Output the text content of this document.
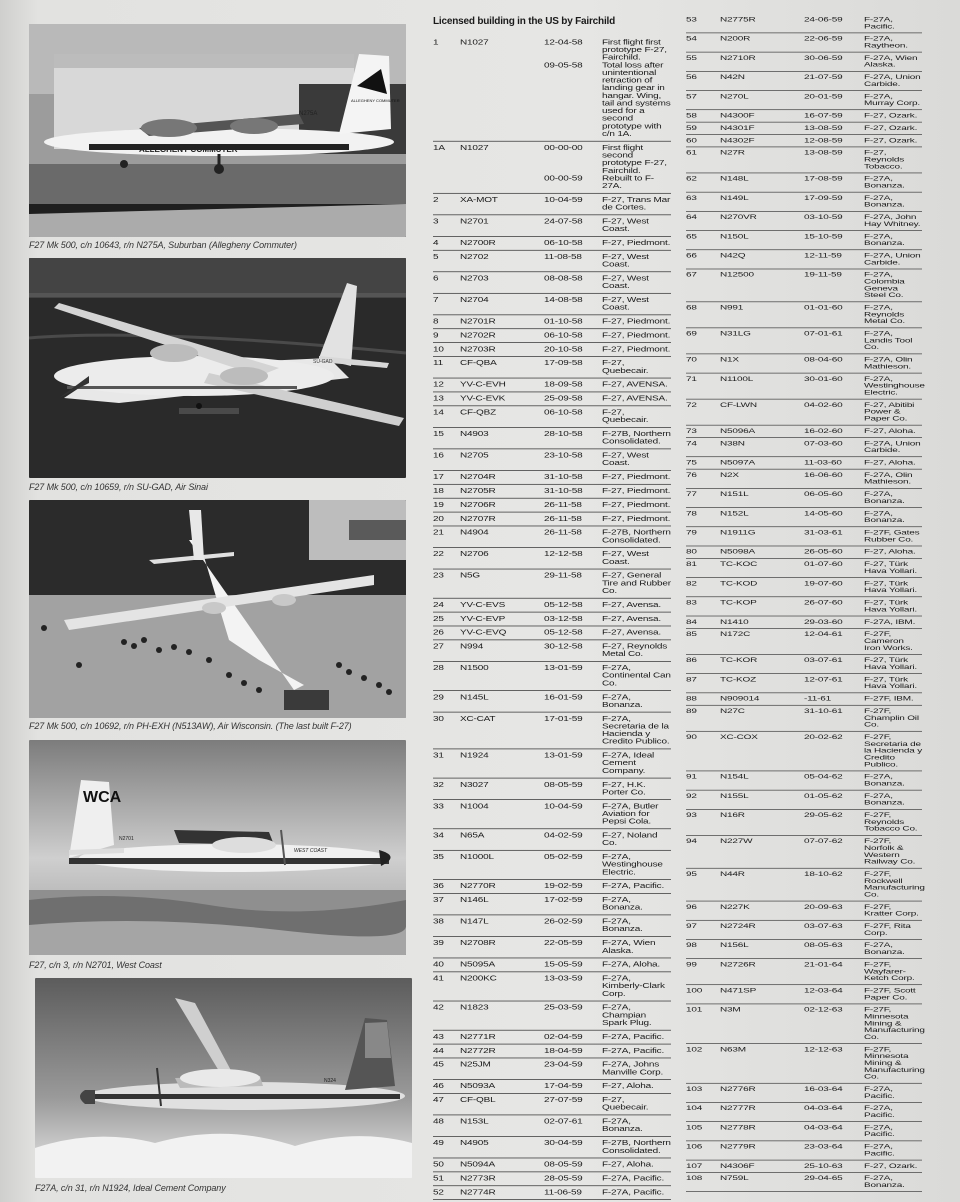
N275A
ALLEGHENY COMMUTER
ALLEGHENY COMMUTER
F27 Mk 500, c/n 10643, r/n N275A, Suburban (Allegheny Commuter)
SU-GAD
F27 Mk 500, c/n 10659, r/n SU-GAD, Air Sinai
F27 Mk 500, c/n 10692, r/n PH-EXH (N513AW), Air Wisconsin. (The last built F-27)
WCA
N2701
WEST COAST
F27, c/n 3, r/n N2701, West Coast
N324
F27A, c/n 31, r/n N1924, Ideal Cement Company
Licensed building in the US by Fairchild
1	N1027	12-04-58	First flight first prototype F-27, Fairchild.
09-05-58	Total loss after unintentional retraction of landing gear in hangar. Wing, tail and systems used for a second prototype with c/n 1A.
1A	N1027	00-00-00	First flight second prototype F-27, Fairchild.
00-00-59	Rebuilt to F-27A.
2	XA-MOT	10-04-59	F-27, Trans Mar de Cortes.
3	N2701	24-07-58	F-27, West Coast.
4	N2700R	06-10-58	F-27, Piedmont.
5	N2702	11-08-58	F-27, West Coast.
6	N2703	08-08-58	F-27, West Coast.
7	N2704	14-08-58	F-27, West Coast.
8	N2701R	01-10-58	F-27, Piedmont.
9	N2702R	06-10-58	F-27, Piedmont.
10	N2703R	20-10-58	F-27, Piedmont.
11	CF-QBA	17-09-58	F-27, Quebecair.
12	YV-C-EVH	18-09-58	F-27, AVENSA.
13	YV-C-EVK	25-09-58	F-27, AVENSA.
14	CF-QBZ	06-10-58	F-27, Quebecair.
15	N4903	28-10-58	F-27B, Northern Consolidated.
16	N2705	23-10-58	F-27, West Coast.
17	N2704R	31-10-58	F-27, Piedmont.
18	N2705R	31-10-58	F-27, Piedmont.
19	N2706R	26-11-58	F-27, Piedmont.
20	N2707R	26-11-58	F-27, Piedmont.
21	N4904	26-11-58	F-27B, Northern Consolidated.
22	N2706	12-12-58	F-27, West Coast.
23	N5G	29-11-58	F-27, General Tire and Rubber Co.
24	YV-C-EVS	05-12-58	F-27, Avensa.
25	YV-C-EVP	03-12-58	F-27, Avensa.
26	YV-C-EVQ	05-12-58	F-27, Avensa.
27	N994	30-12-58	F-27, Reynolds Metal Co.
28	N1500	13-01-59	F-27A, Continental Can Co.
29	N145L	16-01-59	F-27A, Bonanza.
30	XC-CAT	17-01-59	F-27A, Secretaria de la Hacienda y Credito Publico.
31	N1924	13-01-59	F-27A, Ideal Cement Company.
32	N3027	08-05-59	F-27, H.K. Porter Co.
33	N1004	10-04-59	F-27A, Butler Aviation for Pepsi Cola.
34	N65A	04-02-59	F-27, Noland Co.
35	N1000L	05-02-59	F-27A, Westinghouse Electric.
36	N2770R	19-02-59	F-27A, Pacific.
37	N146L	17-02-59	F-27A, Bonanza.
38	N147L	26-02-59	F-27A, Bonanza.
39	N2708R	22-05-59	F-27A, Wien Alaska.
40	N5095A	15-05-59	F-27A, Aloha.
41	N200KC	13-03-59	F-27A, Kimberly-Clark Corp.
42	N1823	25-03-59	F-27A, Champian Spark Plug.
43	N2771R	02-04-59	F-27A, Pacific.
44	N2772R	18-04-59	F-27A, Pacific.
45	N25JM	23-04-59	F-27A, Johns Manville Corp.
46	N5093A	17-04-59	F-27, Aloha.
47	CF-QBL	27-07-59	F-27, Quebecair.
48	N153L	02-07-61	F-27A, Bonanza.
49	N4905	30-04-59	F-27B, Northern Consolidated.
50	N5094A	08-05-59	F-27, Aloha.
51	N2773R	28-05-59	F-27A, Pacific.
52	N2774R	11-06-59	F-27A, Pacific.
53	N2775R	24-06-59	F-27A, Pacific.
54	N200R	22-06-59	F-27A, Raytheon.
55	N2710R	30-06-59	F-27A, Wien Alaska.
56	N42N	21-07-59	F-27A, Union Carbide.
57	N270L	20-01-59	F-27A, Murray Corp.
58	N4300F	16-07-59	F-27, Ozark.
59	N4301F	13-08-59	F-27, Ozark.
60	N4302F	12-08-59	F-27, Ozark.
61	N27R	13-08-59	F-27, Reynolds Tobacco.
62	N148L	17-08-59	F-27A, Bonanza.
63	N149L	17-09-59	F-27A, Bonanza.
64	N270VR	03-10-59	F-27A, John Hay Whitney.
65	N150L	15-10-59	F-27A, Bonanza.
66	N42Q	12-11-59	F-27A, Union Carbide.
67	N12500	19-11-59	F-27A, Colombia Geneva Steel Co.
68	N991	01-01-60	F-27A, Reynolds Metal Co.
69	N31LG	07-01-61	F-27A, Landis Tool Co.
70	N1X	08-04-60	F-27A, Olin Mathieson.
71	N1100L	30-01-60	F-27A, Westinghouse Electric.
72	CF-LWN	04-02-60	F-27, Abitibi Power & Paper Co.
73	N5096A	16-02-60	F-27, Aloha.
74	N38N	07-03-60	F-27A, Union Carbide.
75	N5097A	11-03-60	F-27, Aloha.
76	N2X	16-06-60	F-27A, Olin Mathieson.
77	N151L	06-05-60	F-27A, Bonanza.
78	N152L	14-05-60	F-27A, Bonanza.
79	N1911G	31-03-61	F-27F, Gates Rubber Co.
80	N5098A	26-05-60	F-27, Aloha.
81	TC-KOC	01-07-60	F-27, Türk Hava Yollari.
82	TC-KOD	19-07-60	F-27, Türk Hava Yollari.
83	TC-KOP	26-07-60	F-27, Türk Hava Yollari.
84	N1410	29-03-60	F-27A, IBM.
85	N172C	12-04-61	F-27F, Cameron Iron Works.
86	TC-KOR	03-07-61	F-27, Türk Hava Yollari.
87	TC-KOZ	12-07-61	F-27, Türk Hava Yollari.
88	N909014	-11-61	F-27F, IBM.
89	N27C	31-10-61	F-27F, Champlin Oil Co.
90	XC-COX	20-02-62	F-27F, Secretaria de la Hacienda y Credito Publico.
91	N154L	05-04-62	F-27A, Bonanza.
92	N155L	01-05-62	F-27A, Bonanza.
93	N16R	29-05-62	F-27F, Reynolds Tobacco Co.
94	N227W	07-07-62	F-27F, Norfolk & Western Railway Co.
95	N44R	18-10-62	F-27F, Rockwell Manufacturing Co.
96	N227K	20-09-63	F-27F, Kratter Corp.
97	N2724R	03-07-63	F-27F, Rita Corp.
98	N156L	08-05-63	F-27A, Bonanza.
99	N2726R	21-01-64	F-27F, Wayfarer-Ketch Corp.
100	N471SP	12-03-64	F-27F, Scott Paper Co.
101	N3M	02-12-63	F-27F, Minnesota Mining & Manufacturing Co.
102	N63M	12-12-63	F-27F, Minnesota Mining & Manufacturing Co.
103	N2776R	16-03-64	F-27A, Pacific.
104	N2777R	04-03-64	F-27A, Pacific.
105	N2778R	04-03-64	F-27A, Pacific.
106	N2779R	23-03-64	F-27A, Pacific.
107	N4306F	25-10-63	F-27, Ozark.
108	N759L	29-04-65	F-27A, Bonanza.
